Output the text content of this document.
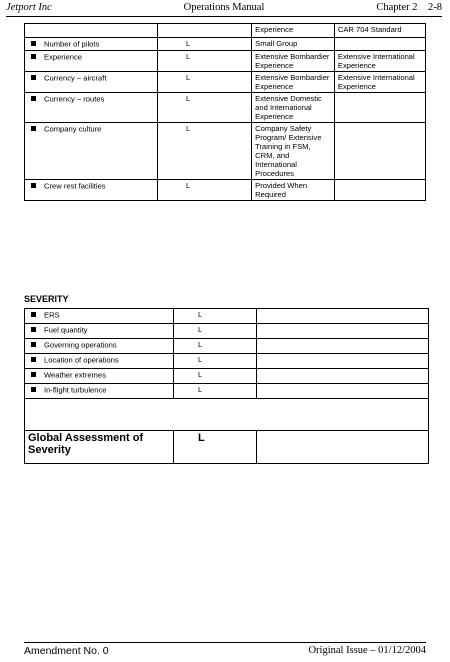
Jetport Inc	Operations Manual	Chapter 2 2-8
		Experience	CAR 704 Standard
Number of pilots	L	Small Group	
Experience	L	Extensive Bombardier Experience	Extensive International Experience
Currency – aircraft	L	Extensive Bombardier Experience	Extensive International Experience
Currency – routes	L	Extensive Domestic and International Experience	
Company culture	L	Company Safety Program/ Extensive Training in FSM, CRM, and International Procedures	
Crew rest facilities	L	Provided When Required	
SEVERITY
ERS	L	
Fuel quantity	L	
Governing operations	L	
Location of operations	L	
Weather extremes	L	
In-flight turbulence	L	

Global Assessment of Severity	L	
Amendment No. 0	Original Issue – 01/12/2004
